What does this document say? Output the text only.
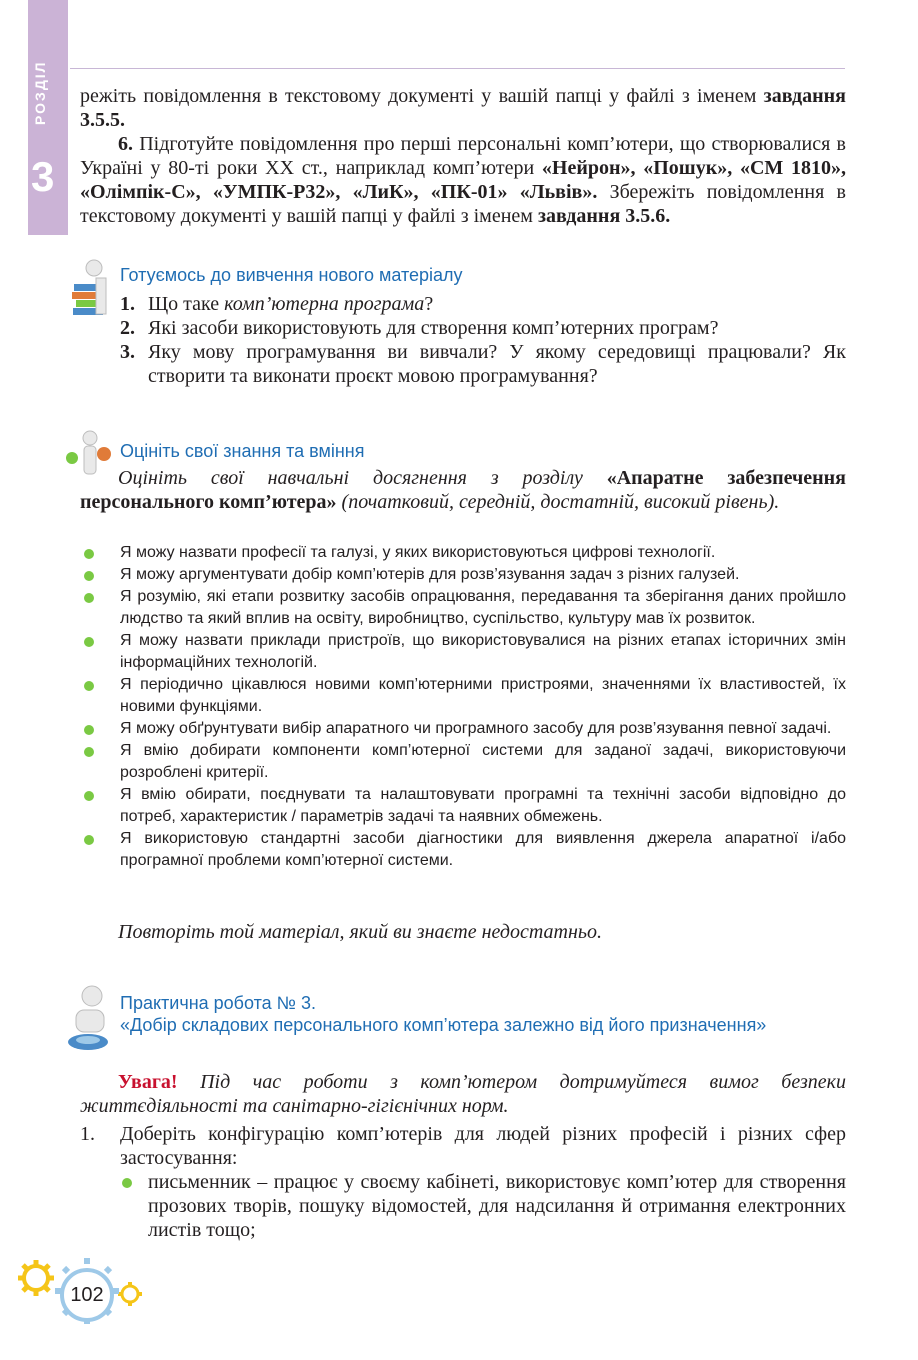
РОЗДІЛ
3

режіть повідомлення в текстовому документі у вашій папці у файлі з іменем завдання 3.5.5.

6. Підготуйте повідомлення про перші персональні комп’ютери, що створювалися в Україні у 80-ті роки ХХ ст., наприклад комп’ютери «Нейрон», «Пошук», «СМ 1810», «Олімпік-С», «УМПК-Р32», «ЛиК», «ПК-01» «Львів». Збережіть повідомлення в текстовому документі у вашій папці у файлі з іменем завдання 3.5.6.

Готуємось до вивчення нового матеріалу
1. Що таке комп’ютерна програма?
2. Які засоби використовують для створення комп’ютерних програм?
3. Яку мову програмування ви вивчали? У якому середовищі працювали? Як створити та виконати проєкт мовою програмування?
Оцініть свої знання та вміння

Оцініть свої навчальні досягнення з розділу «Апаратне забезпечення персонального комп’ютера» (початковий, середній, достатній, високий рівень).

Я можу назвати професії та галузі, у яких використовуються цифрові технології.
Я можу аргументувати добір комп’ютерів для розв’язування задач з різних галузей.
Я розумію, які етапи розвитку засобів опрацювання, передавання та зберігання даних пройшло людство та який вплив на освіту, виробництво, суспільство, культуру мав їх розвиток.
Я можу назвати приклади пристроїв, що використовувалися на різних етапах історичних змін інформаційних технологій.
Я періодично цікавлюся новими комп’ютерними пристроями, значеннями їх властивостей, їх новими функціями.
Я можу обґрунтувати вибір апаратного чи програмного засобу для розв’язування певної задачі.
Я вмію добирати компоненти комп’ютерної системи для заданої задачі, використовуючи розроблені критерії.
Я вмію обирати, поєднувати та налаштовувати програмні та технічні засоби відповідно до потреб, характеристик / параметрів задачі та наявних обмежень.
Я використовую стандартні засоби діагностики для виявлення джерела апаратної і/або програмної проблеми комп’ютерної системи.

Повторіть той матеріал, який ви знаєте недостатньо.

Практична робота № 3.
«Добір складових персонального комп’ютера залежно від його призначення»

Увага! Під час роботи з комп’ютером дотримуйтеся вимог безпеки життєдіяльності та санітарно-гігієнічних норм.

1. Доберіть конфігурацію комп’ютерів для людей різних професій і різних сфер застосування:
письменник – працює у своєму кабінеті, використовує комп’ютер для створення прозових творів, пошуку відомостей, для надсилання й отримання електронних листів тощо;
102
